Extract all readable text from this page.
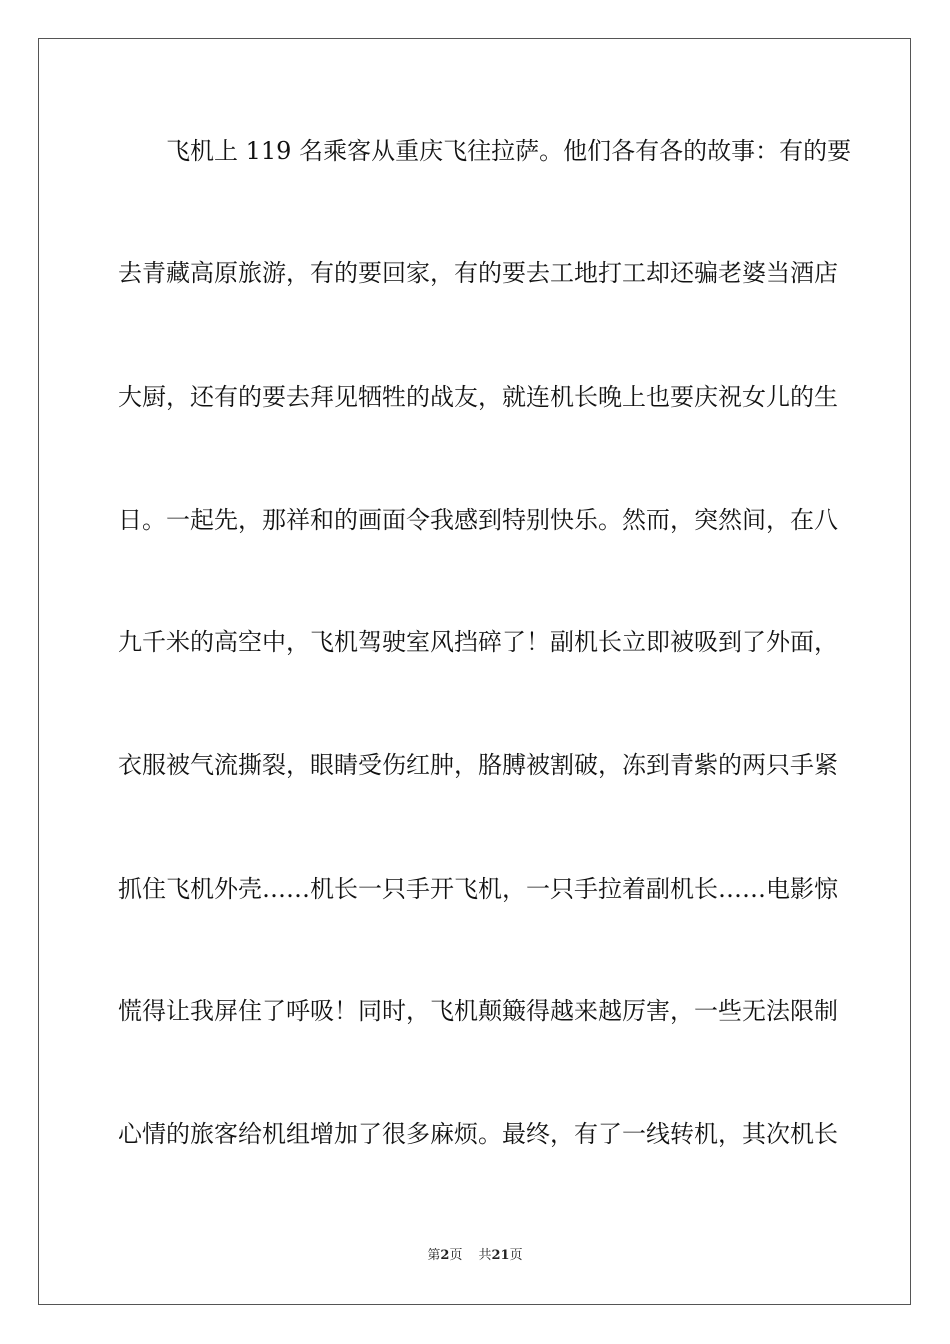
飞机上 119 名乘客从重庆飞往拉萨。他们各有各的故事：有的要
去青藏高原旅游，有的要回家，有的要去工地打工却还骗老婆当酒店
大厨，还有的要去拜见牺牲的战友，就连机长晚上也要庆祝女儿的生
日。一起先，那祥和的画面令我感到特别快乐。然而，突然间，在八
九千米的高空中，飞机驾驶室风挡碎了！副机长立即被吸到了外面，
衣服被气流撕裂，眼睛受伤红肿，胳膊被割破，冻到青紫的两只手紧
抓住飞机外壳……机长一只手开飞机，一只手拉着副机长……电影惊
慌得让我屏住了呼吸！同时，飞机颠簸得越来越厉害，一些无法限制
心情的旅客给机组增加了很多麻烦。最终，有了一线转机，其次机长
第2页 共21页
